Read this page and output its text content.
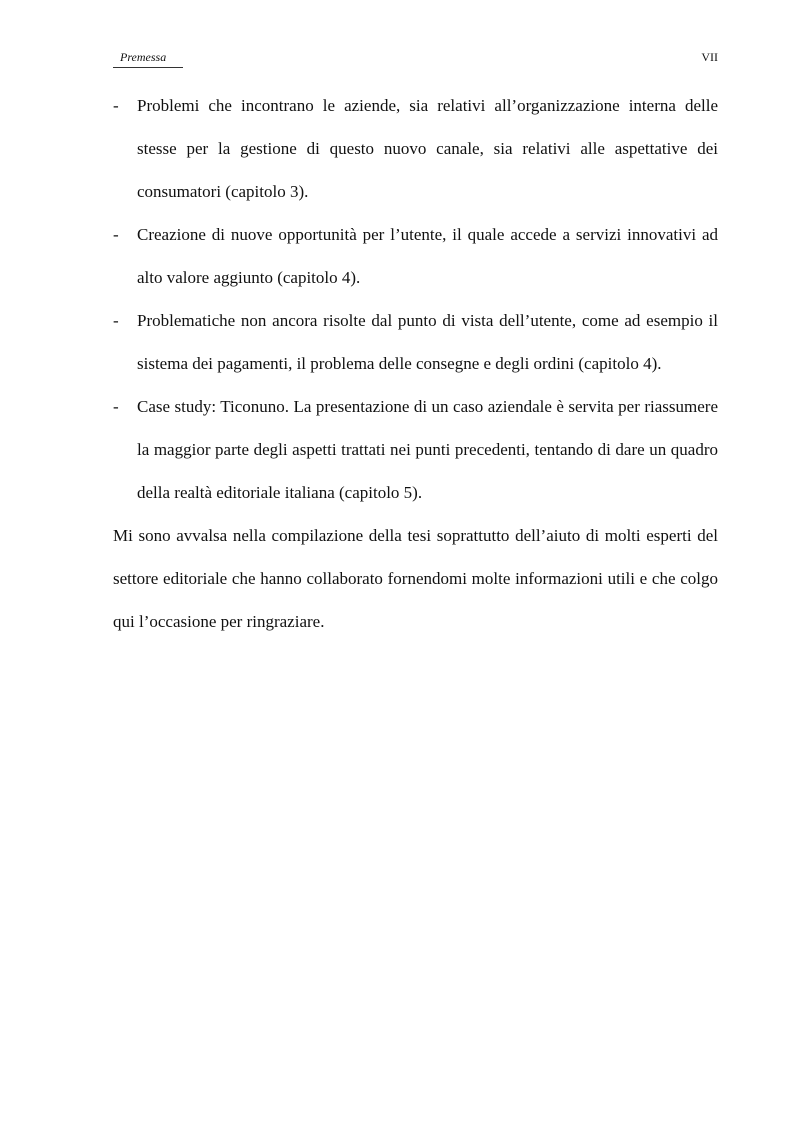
Premessa	VII
- Problemi che incontrano le aziende, sia relativi all’organizzazione interna delle stesse per la gestione di questo nuovo canale, sia relativi alle aspettative dei consumatori (capitolo 3).
- Creazione di nuove opportunità per l’utente, il quale accede a servizi innovativi ad alto valore aggiunto (capitolo 4).
- Problematiche non ancora risolte dal punto di vista dell’utente, come ad esempio il sistema dei pagamenti, il problema delle consegne e degli ordini (capitolo 4).
- Case study: Ticonuno. La presentazione di un caso aziendale è servita per riassumere la maggior parte degli aspetti trattati nei punti precedenti, tentando di dare un quadro della realtà editoriale italiana (capitolo 5).

Mi sono avvalsa nella compilazione della tesi soprattutto dell’aiuto di molti esperti del settore editoriale che hanno collaborato fornendomi molte informazioni utili e che colgo qui l’occasione per ringraziare.
